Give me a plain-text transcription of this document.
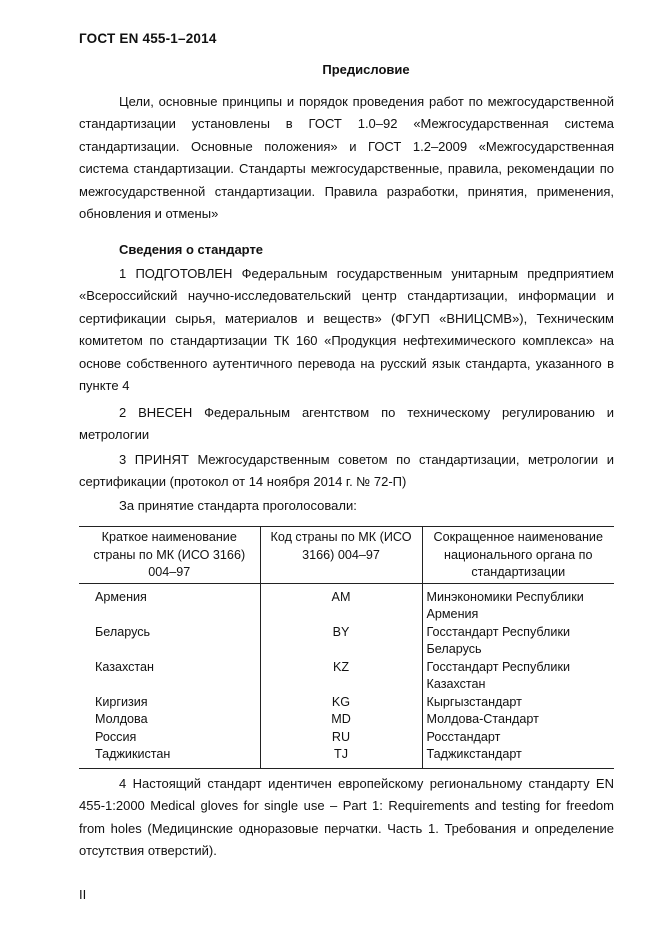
ГОСТ EN 455-1–2014
Предисловие

Цели, основные принципы и порядок проведения работ по межгосударственной стандартизации установлены в ГОСТ 1.0–92 «Межгосударственная система стандартизации. Основные положения» и ГОСТ 1.2–2009 «Межгосударственная система стандартизации. Стандарты межгосударственные, правила, рекомендации по межгосударственной стандартизации. Правила разработки, принятия, применения, обновления и отмены»

Сведения о стандарте

1 ПОДГОТОВЛЕН Федеральным государственным унитарным предприятием «Всероссийский научно-исследовательский центр стандартизации, информации и сертификации сырья, материалов и веществ» (ФГУП «ВНИЦСМВ»), Техническим комитетом по стандартизации ТК 160 «Продукция нефтехимического комплекса» на основе собственного аутентичного перевода на русский язык стандарта, указанного в пункте 4

2 ВНЕСЕН Федеральным агентством по техническому регулированию и метрологии

3 ПРИНЯТ Межгосударственным советом по стандартизации, метрологии и сертификации (протокол от 14 ноября 2014 г. № 72-П)

За принятие стандарта проголосовали:

Краткое наименование страны по МК (ИСО 3166) 004–97	Код страны по МК (ИСО 3166) 004–97	Сокращенное наименование национального органа по стандартизации
Армения	AM	Минэкономики Республики Армения
Беларусь	BY	Госстандарт Республики Беларусь
Казахстан	KZ	Госстандарт Республики Казахстан
Киргизия	KG	Кыргызстандарт
Молдова	MD	Молдова-Стандарт
Россия	RU	Росстандарт
Таджикистан	TJ	Таджикстандарт

4 Настоящий стандарт идентичен европейскому региональному стандарту EN 455-1:2000 Medical gloves for single use – Part 1: Requirements and testing for freedom from holes (Медицинские одноразовые перчатки. Часть 1. Требования и определение отсутствия отверстий).

II
